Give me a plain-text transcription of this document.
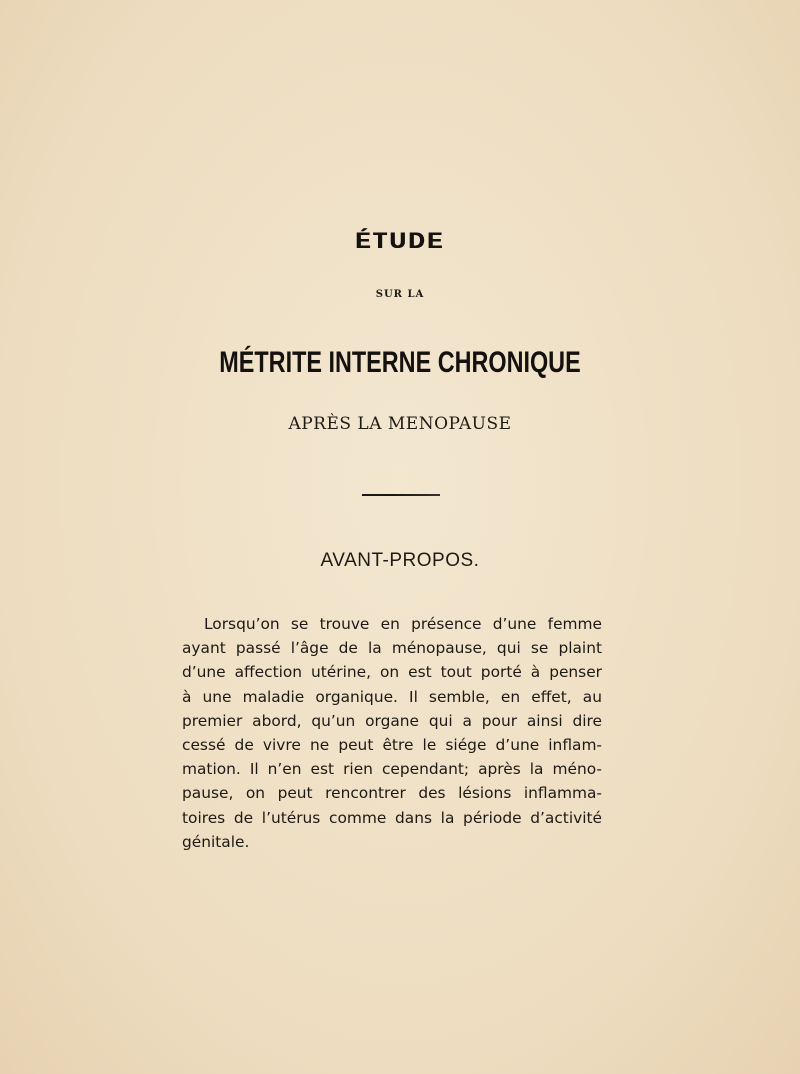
ÉTUDE
SUR LA
MÉTRITE INTERNE CHRONIQUE
APRÈS LA MENOPAUSE
AVANT-PROPOS.
Lorsqu’on se trouve en présence d’une femme
ayant passé l’âge de la ménopause, qui se plaint
d’une affection utérine, on est tout porté à penser
à une maladie organique. Il semble, en effet, au
premier abord, qu’un organe qui a pour ainsi dire
cessé de vivre ne peut être le siége d’une inflam-
mation. Il n’en est rien cependant; après la méno-
pause, on peut rencontrer des lésions inflamma-
toires de l’utérus comme dans la période d’activité
génitale.
